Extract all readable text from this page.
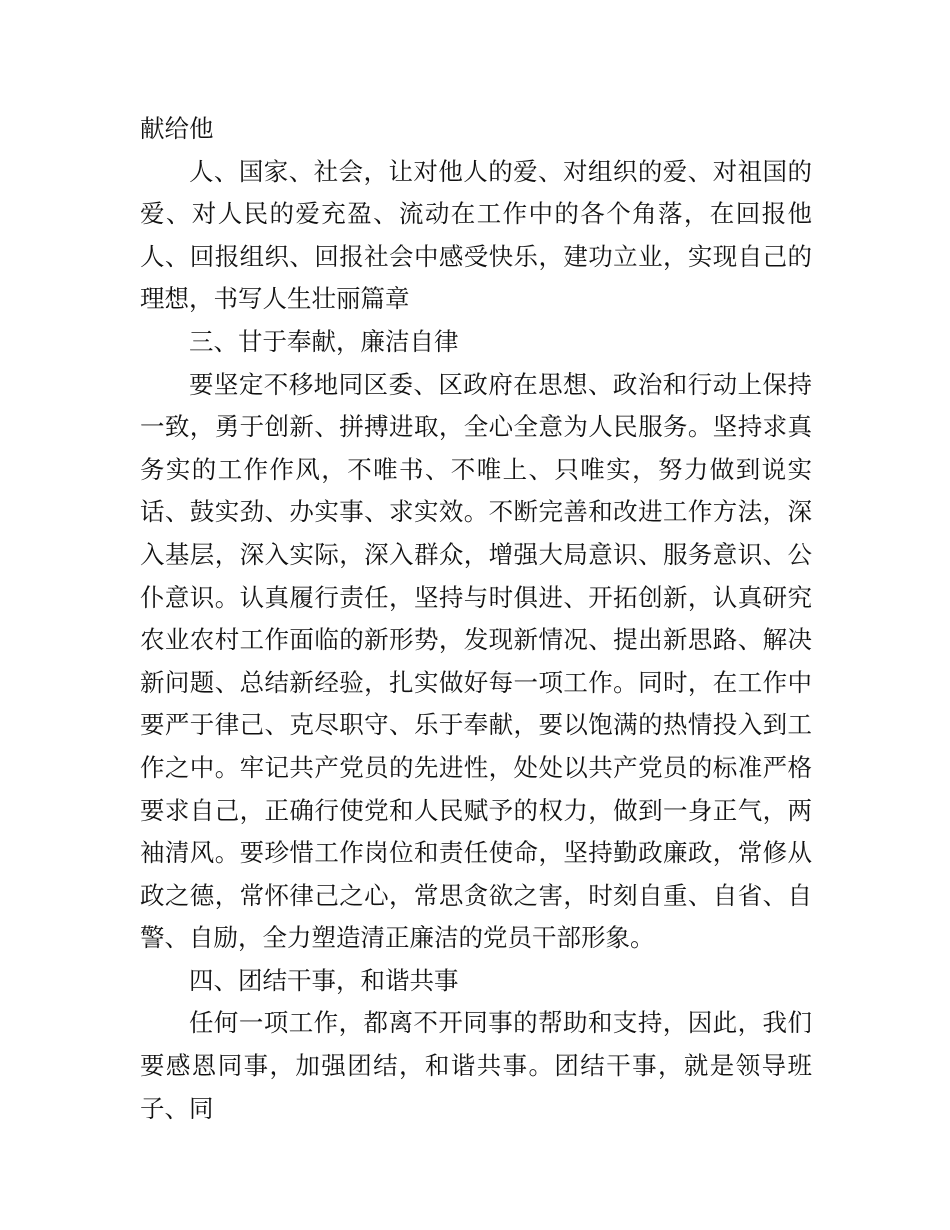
献给他

人、国家、社会，让对他人的爱、对组织的爱、对祖国的爱、对人民的爱充盈、流动在工作中的各个角落，在回报他人、回报组织、回报社会中感受快乐，建功立业，实现自己的理想，书写人生壮丽篇章

三、甘于奉献，廉洁自律

要坚定不移地同区委、区政府在思想、政治和行动上保持一致，勇于创新、拼搏进取，全心全意为人民服务。坚持求真务实的工作作风，不唯书、不唯上、只唯实，努力做到说实话、鼓实劲、办实事、求实效。不断完善和改进工作方法，深入基层，深入实际，深入群众，增强大局意识、服务意识、公仆意识。认真履行责任，坚持与时俱进、开拓创新，认真研究农业农村工作面临的新形势，发现新情况、提出新思路、解决新问题、总结新经验，扎实做好每一项工作。同时，在工作中要严于律己、克尽职守、乐于奉献，要以饱满的热情投入到工作之中。牢记共产党员的先进性，处处以共产党员的标准严格要求自己，正确行使党和人民赋予的权力，做到一身正气，两袖清风。要珍惜工作岗位和责任使命，坚持勤政廉政，常修从政之德，常怀律己之心，常思贪欲之害，时刻自重、自省、自警、自励，全力塑造清正廉洁的党员干部形象。

四、团结干事，和谐共事

任何一项工作，都离不开同事的帮助和支持，因此，我们要感恩同事，加强团结，和谐共事。团结干事，就是领导班子、同
